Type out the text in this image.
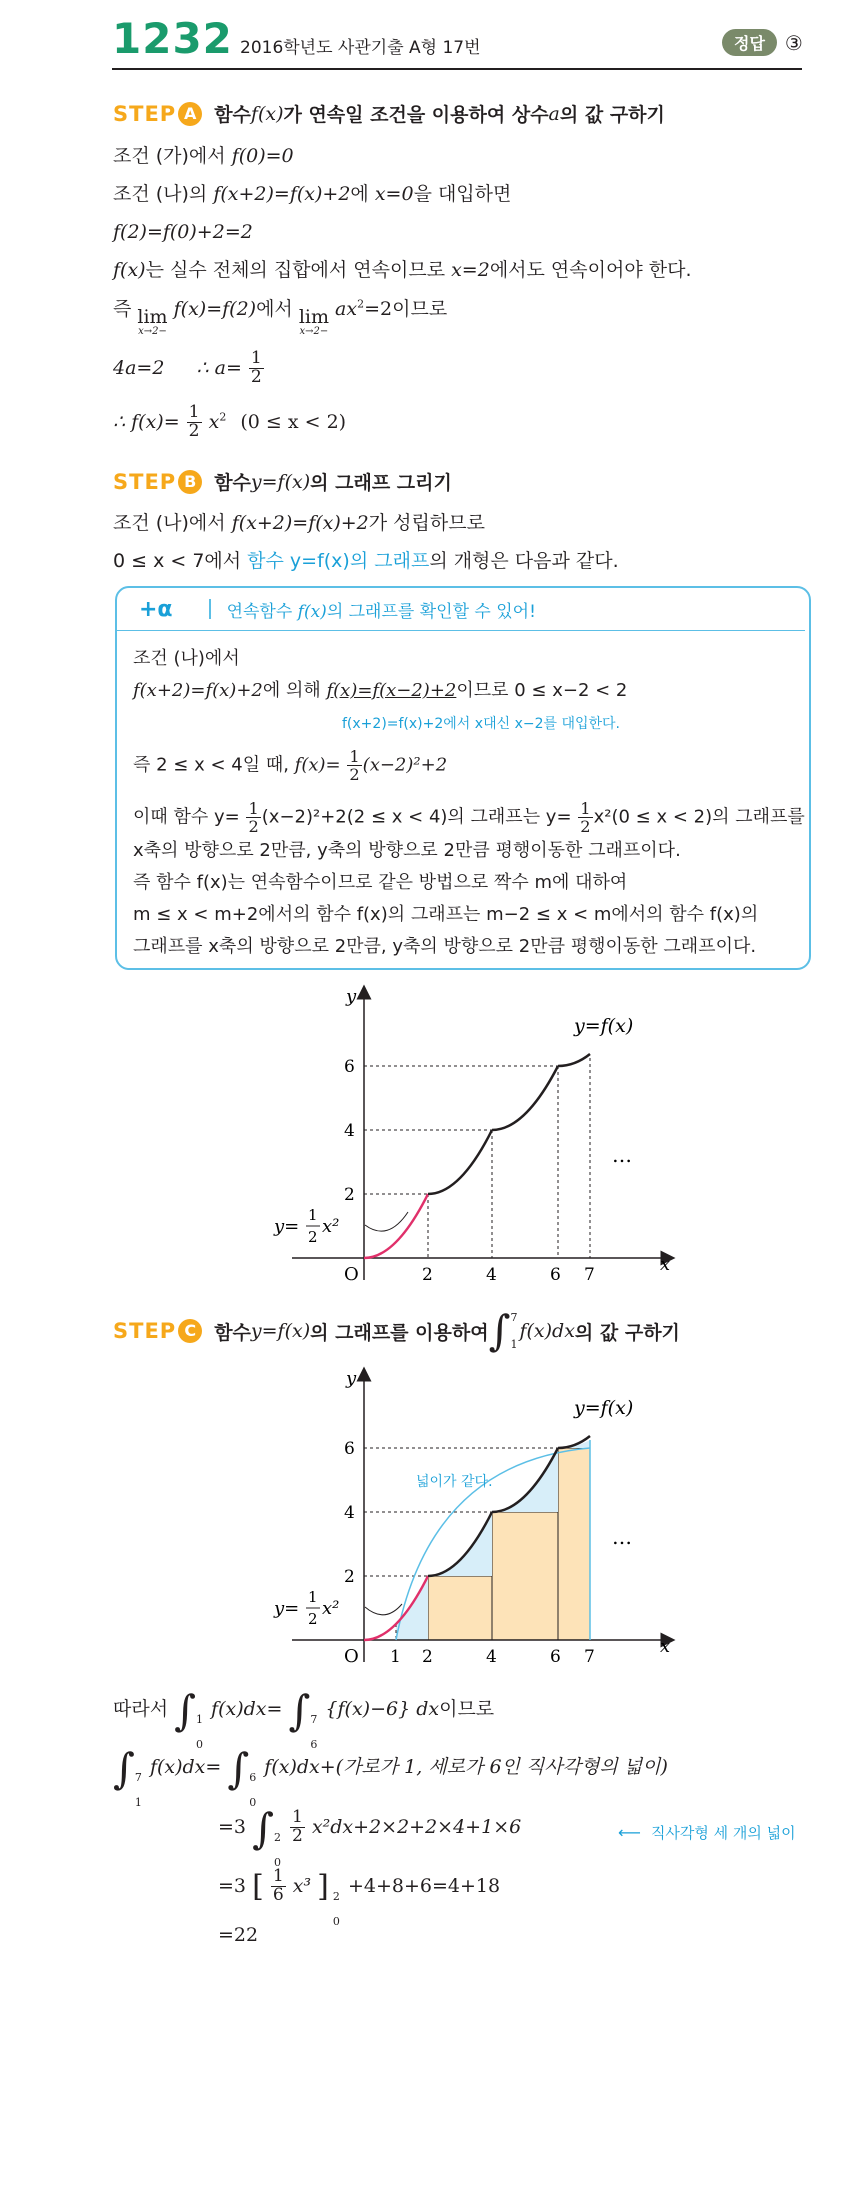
1232 2016학년도 사관기출 A형 17번	정답	③
STEP A 함수 f(x) 가 연속일 조건을 이용하여 상수 a 의 값 구하기
조건 (가)에서 f(0)=0
조건 (나)의 f(x+2)=f(x)+2에 x=0을 대입하면
f(2)=f(0)+2=2
f(x)는 실수 전체의 집합에서 연속이므로 x=2에서도 연속이어야 한다.
즉 lim
x→2−
f(x)=f(2)에서 lim
x→2−
$ax^2=2$이므로
4a=2 ∴ $a= \frac{1}{2}$
∴ $f(x)= \frac{1}{2} x^2$ (0 ≤ x < 2)
STEP B 함수 y=f(x) 의 그래프 그리기
조건 (나)에서 f(x+2)=f(x)+2가 성립하므로
0 ≤ x < 7에서 함수 y=f(x)의 그래프의 개형은 다음과 같다.
+α	연속함수 f(x)의 그래프를 확인할 수 있어!
조건 (나)에서
f(x+2)=f(x)+2에 의해 f(x)=f(x−2)+2이므로 0 ≤ x−2 < 2
f(x+2)=f(x)+2에서 x대신 x−2를 대입한다.
즉 2 ≤ x < 4일 때, $f(x)= \frac{1}{2} (x-2)^2+2$
이때 함수 $y= \frac{1}{2} (x-2)^2+2(2 \le x < 4)$의 그래프는 $y= \frac{1}{2} x^2(0 \le x < 2)$의 그래프를
x축의 방향으로 2만큼, y축의 방향으로 2만큼 평행이동한 그래프이다.
즉 함수 f(x)는 연속함수이므로 같은 방법으로 짝수 m에 대하여
m ≤ x < m+2에서의 함수 f(x)의 그래프는 m−2 ≤ x < m에서의 함수 f(x)의
그래프를 x축의 방향으로 2만큼, y축의 방향으로 2만큼 평행이동한 그래프이다.
y
x
O	2	4	6 7
2
4
6
y=f(x)
…
y=
1
2 x²
STEP C 함수 y=f(x) 의 그래프를 이용하여 ∫ 7
1
f(x)dx 의 값 구하기
y
x
O 1 2	4	6 7
2
4
6
y=f(x)
넓이가 같다.
…
y=
1
2 x²
따라서 ∫ 1
0
f(x)dx= ∫ 7
6
{f(x)−6} dx이므로
∫ 7
1
f(x)dx= ∫ 6
0
f(x)dx+(가로가 1, 세로가 6인 직사각형의 넓이)
=3 ∫ 2
0

$\frac{1}{2} x^2dx+2\times 2+2\times 4+1\times 6$	⟵ 직사각형 세 개의 넓이
=3 [ $\frac{1}{6} x^3$ ] 2
0
+4+8+6=4+18
=22
